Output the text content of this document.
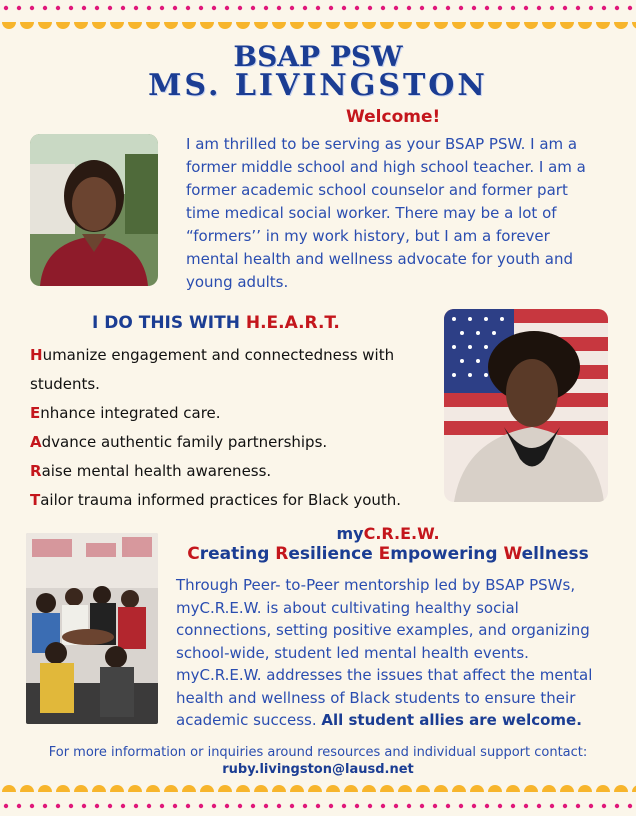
BSAP PSW
MS. LIVINGSTON
Welcome!
I am thrilled to be serving as your BSAP PSW. I am a former middle school and high school teacher. I am a former academic school counselor and former part time medical social worker. There may be a lot of “formers’’ in my work history, but I am a forever mental health and wellness advocate for youth and young adults.
I DO THIS WITH H.E.A.R.T.
Humanize engagement and connectedness with students.
Enhance integrated care.
Advance authentic family partnerships.
Raise mental health awareness.
Tailor trauma informed practices for Black youth.
myC.R.E.W.
Creating Resilience Empowering Wellness
Through Peer- to-Peer mentorship led by BSAP PSWs, myC.R.E.W. is about cultivating healthy social connections, setting positive examples, and organizing school-wide, student led mental health events. myC.R.E.W. addresses the issues that affect the mental health and wellness of Black students to ensure their academic success. All student allies are welcome.
For more information or inquiries around resources and individual support contact:
ruby.livingston@lausd.net
